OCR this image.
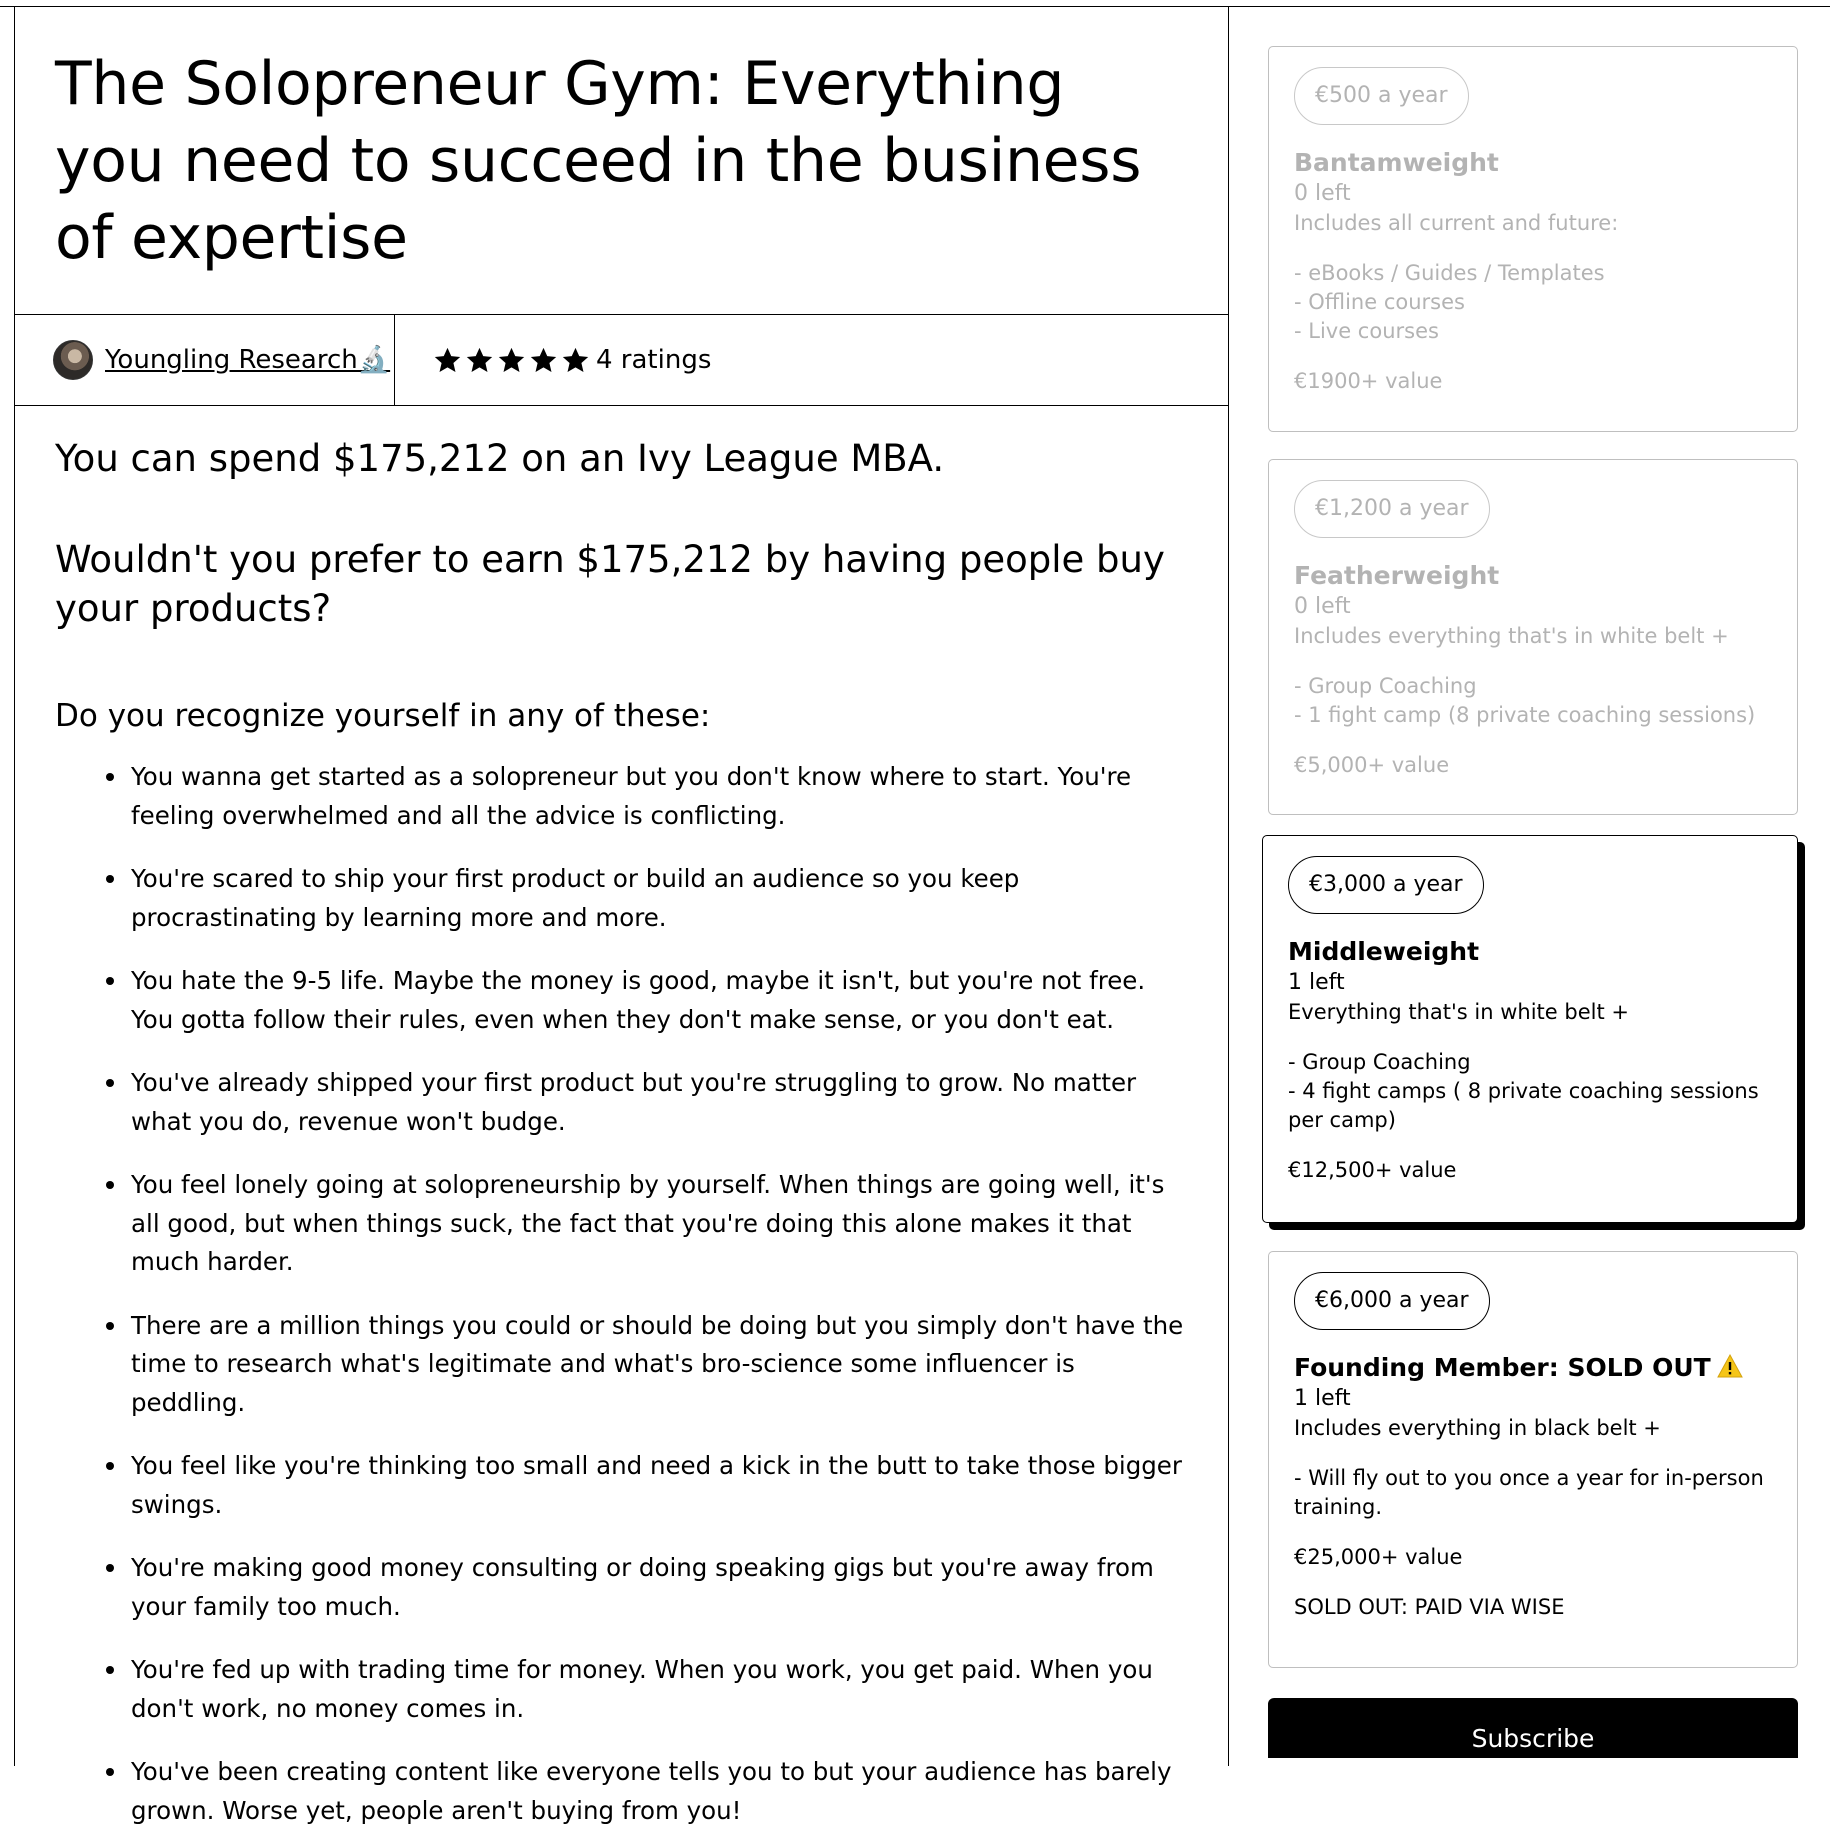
The Solopreneur Gym: Everything you need to succeed in the business of expertise
Youngling Research🔬	4 ratings

You can spend $175,212 on an Ivy League MBA.

Wouldn't you prefer to earn $175,212 by having people buy your products?

Do you recognize yourself in any of these:

You wanna get started as a solopreneur but you don't know where to start. You're feeling overwhelmed and all the advice is conflicting.
You're scared to ship your first product or build an audience so you keep procrastinating by learning more and more.
You hate the 9-5 life. Maybe the money is good, maybe it isn't, but you're not free. You gotta follow their rules, even when they don't make sense, or you don't eat.
You've already shipped your first product but you're struggling to grow. No matter what you do, revenue won't budge.
You feel lonely going at solopreneurship by yourself. When things are going well, it's all good, but when things suck, the fact that you're doing this alone makes it that much harder.
There are a million things you could or should be doing but you simply don't have the time to research what's legitimate and what's bro-science some influencer is peddling.
You feel like you're thinking too small and need a kick in the butt to take those bigger swings.
You're making good money consulting or doing speaking gigs but you're away from your family too much.
You're fed up with trading time for money. When you work, you get paid. When you don't work, no money comes in.
You've been creating content like everyone tells you to but your audience has barely grown. Worse yet, people aren't buying from you!
€500 a year
Bantamweight
0 left
Includes all current and future:
- eBooks / Guides / Templates
- Offline courses
- Live courses
€1900+ value
€1,200 a year
Featherweight
0 left
Includes everything that's in white belt +
- Group Coaching
- 1 fight camp (8 private coaching sessions)
€5,000+ value
€3,000 a year
Middleweight
1 left
Everything that's in white belt +
- Group Coaching
- 4 fight camps ( 8 private coaching sessions per camp)
€12,500+ value
€6,000 a year
Founding Member: SOLD OUT
1 left
Includes everything in black belt +
- Will fly out to you once a year for in-person training.
€25,000+ value
SOLD OUT: PAID VIA WISE
Subscribe
